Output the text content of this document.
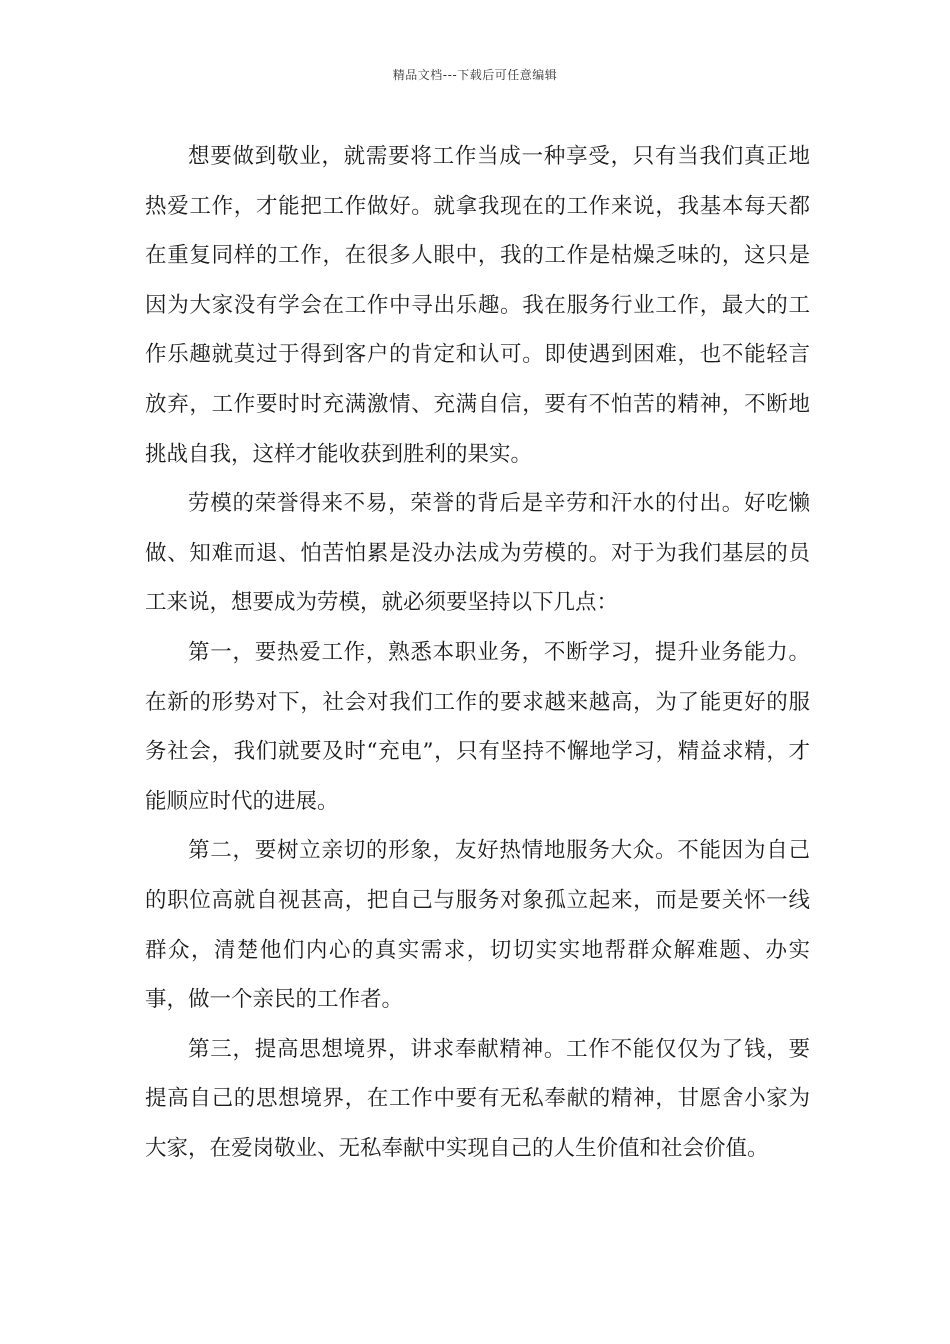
精品文档---下载后可任意编辑

想要做到敬业，就需要将工作当成一种享受，只有当我们真正地热爱工作，才能把工作做好。就拿我现在的工作来说，我基本每天都在重复同样的工作，在很多人眼中，我的工作是枯燥乏味的，这只是因为大家没有学会在工作中寻出乐趣。我在服务行业工作，最大的工作乐趣就莫过于得到客户的肯定和认可。即使遇到困难，也不能轻言放弃，工作要时时充满激情、充满自信，要有不怕苦的精神，不断地挑战自我，这样才能收获到胜利的果实。

劳模的荣誉得来不易，荣誉的背后是辛劳和汗水的付出。好吃懒做、知难而退、怕苦怕累是没办法成为劳模的。对于为我们基层的员工来说，想要成为劳模，就必须要坚持以下几点：

第一，要热爱工作，熟悉本职业务，不断学习，提升业务能力。在新的形势对下，社会对我们工作的要求越来越高，为了能更好的服务社会，我们就要及时“充电”，只有坚持不懈地学习，精益求精，才能顺应时代的进展。

第二，要树立亲切的形象，友好热情地服务大众。不能因为自己的职位高就自视甚高，把自己与服务对象孤立起来，而是要关怀一线群众，清楚他们内心的真实需求，切切实实地帮群众解难题、办实事，做一个亲民的工作者。

第三，提高思想境界，讲求奉献精神。工作不能仅仅为了钱，要提高自己的思想境界，在工作中要有无私奉献的精神，甘愿舍小家为大家，在爱岗敬业、无私奉献中实现自己的人生价值和社会价值。
